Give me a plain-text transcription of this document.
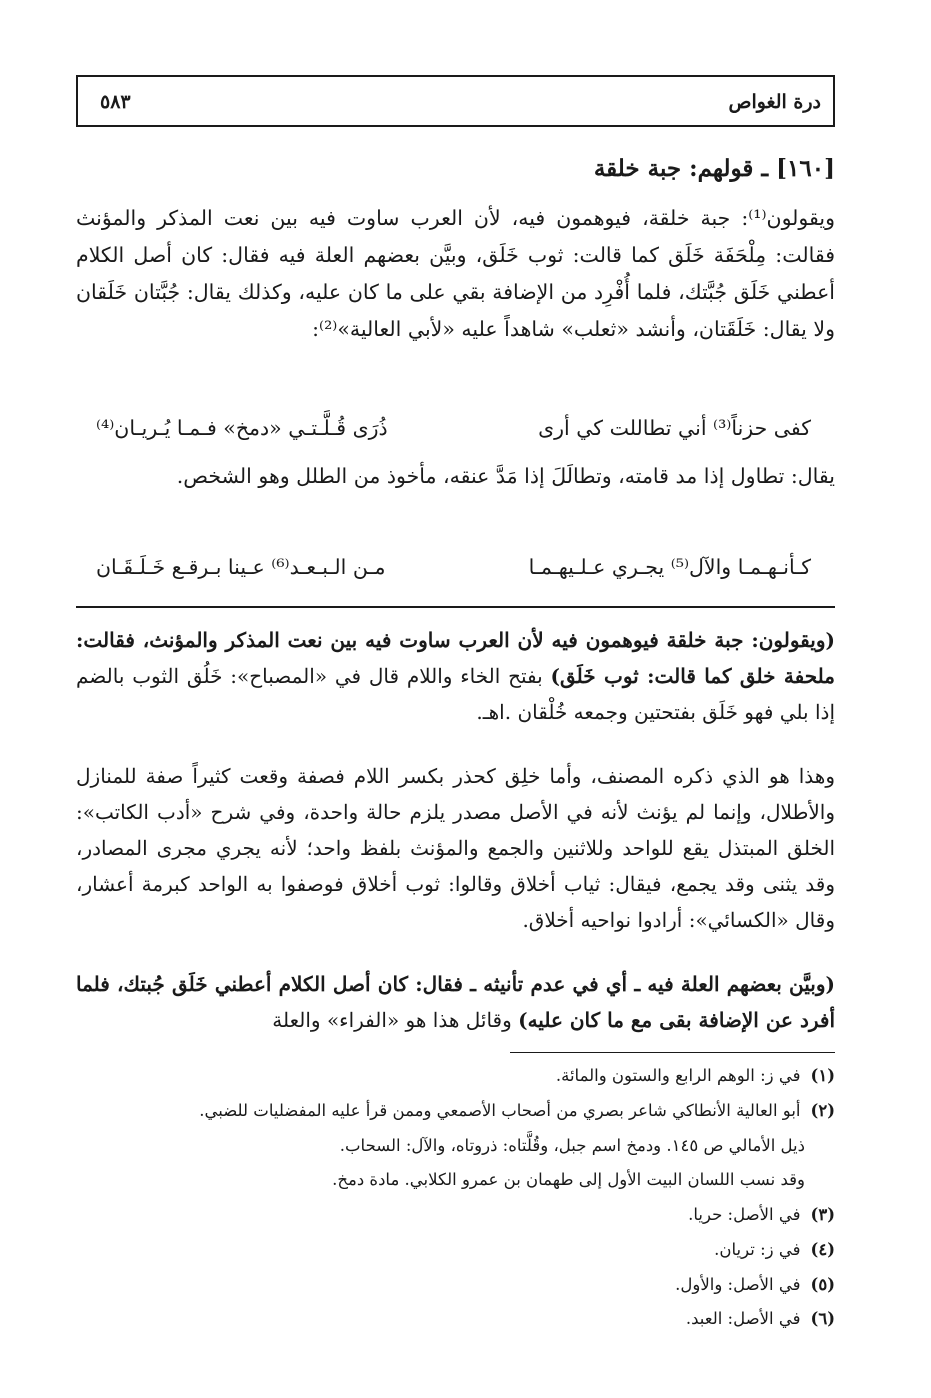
درة الغواص
٥٨٣
[١٦٠] ـ قولهم: جبة خلقة
ويقولون⁽¹⁾: جبة خلقة، فيوهمون فيه، لأن العرب ساوت فيه بين نعت المذكر والمؤنث فقالت: مِلْحَفَة خَلَق كما قالت: ثوب خَلَق، وبيَّن بعضهم العلة فيه فقال: كان أصل الكلام أعطني خَلَق جُبَّتك، فلما أُفْرِد من الإضافة بقي على ما كان عليه، وكذلك يقال: جُبَّتان خَلَقان ولا يقال: خَلَقَتان، وأنشد «ثعلب» شاهداً عليه «لأبي العالية»⁽²⁾:
كفى حزناً⁽³⁾ أني تطاللت كي أرى
ذُرَى قُـلَّـتـي «دمخ» فـمـا يُـريـان⁽⁴⁾
يقال: تطاول إذا مد قامته، وتطالَلَ إذا مَدَّ عنقه، مأخوذ من الطلل وهو الشخص.
كـأنـهـمـا والآل⁽⁵⁾ يجـري عـلـيهـمـا
مـن الـبـعـد⁽⁶⁾ عـينا بـرقـع خَـلَـقَـان
(ويقولون: جبة خلقة فيوهمون فيه لأن العرب ساوت فيه بين نعت المذكر والمؤنث، فقالت: ملحفة خلق كما قالت: ثوب خَلَق) بفتح الخاء واللام قال في «المصباح»: خَلُق الثوب بالضم إذا بلي فهو خَلَق بفتحتين وجمعه خُلْقان .اهـ.
وهذا هو الذي ذكره المصنف، وأما خلِق كحذر بكسر اللام فصفة وقعت كثيراً صفة للمنازل والأطلال، وإنما لم يؤنث لأنه في الأصل مصدر يلزم حالة واحدة، وفي شرح «أدب الكاتب»: الخلق المبتذل يقع للواحد وللاثنين والجمع والمؤنث بلفظ واحد؛ لأنه يجري مجرى المصادر، وقد يثنى وقد يجمع، فيقال: ثياب أخلاق وقالوا: ثوب أخلاق فوصفوا به الواحد كبرمة أعشار، وقال «الكسائي»: أرادوا نواحيه أخلاق.
(وبيَّن بعضهم العلة فيه ـ أي في عدم تأنيثه ـ فقال: كان أصل الكلام أعطني خَلَق جُبتك، فلما أفرد عن الإضافة بقى مع ما كان عليه) وقائل هذا هو «الفراء» والعلة
(١)في ز: الوهم الرابع والستون والمائة.
(٢)أبو العالية الأنطاكي شاعر بصري من أصحاب الأصمعي وممن قرأ عليه المفضليات للضبي.
ذيل الأمالي ص ١٤٥. ودمخ اسم جبل، وقُلَّتاه: ذروتاه، والآل: السحاب.
وقد نسب اللسان البيت الأول إلى طهمان بن عمرو الكلابي. مادة دمخ.
(٣)في الأصل: حريا.
(٤)في ز: تريان.
(٥)في الأصل: والأول.
(٦)في الأصل: العبد.
